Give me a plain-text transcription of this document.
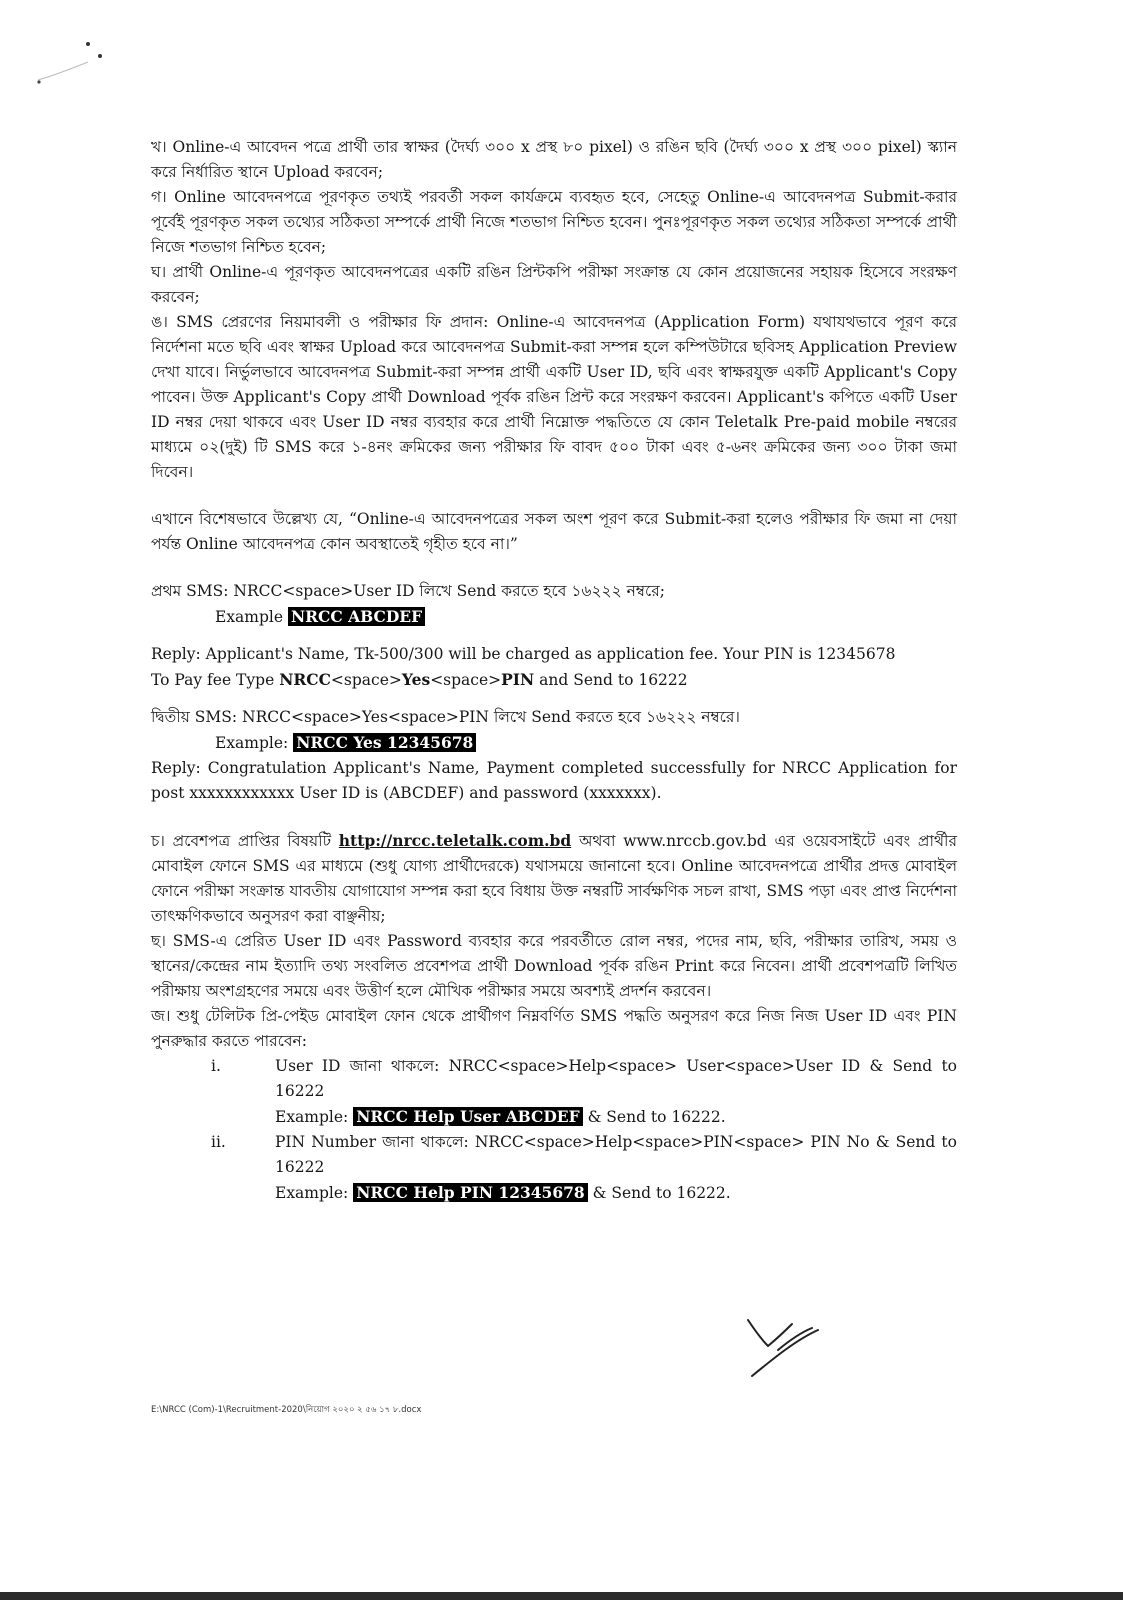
খ। Online-এ আবেদন পত্রে প্রার্থী তার স্বাক্ষর (দৈর্ঘ্য ৩০০ x প্রস্থ ৮০ pixel) ও রঙিন ছবি (দৈর্ঘ্য ৩০০ x প্রস্থ ৩০০ pixel) স্ক্যান করে নির্ধারিত স্থানে Upload করবেন;

গ। Online আবেদনপত্রে পূরণকৃত তথ্যই পরবর্তী সকল কার্যক্রমে ব্যবহৃত হবে, সেহেতু Online-এ আবেদনপত্র Submit-করার পূর্বেই পূরণকৃত সকল তথ্যের সঠিকতা সম্পর্কে প্রার্থী নিজে শতভাগ নিশ্চিত হবেন। পুনঃপূরণকৃত সকল তথ্যের সঠিকতা সম্পর্কে প্রার্থী নিজে শতভাগ নিশ্চিত হবেন;

ঘ। প্রার্থী Online-এ পূরণকৃত আবেদনপত্রের একটি রঙিন প্রিন্টকপি পরীক্ষা সংক্রান্ত যে কোন প্রয়োজনের সহায়ক হিসেবে সংরক্ষণ করবেন;

ঙ। SMS প্রেরণের নিয়মাবলী ও পরীক্ষার ফি প্রদান: Online-এ আবেদনপত্র (Application Form) যথাযথভাবে পূরণ করে নির্দেশনা মতে ছবি এবং স্বাক্ষর Upload করে আবেদনপত্র Submit-করা সম্পন্ন হলে কম্পিউটারে ছবিসহ Application Preview দেখা যাবে। নির্ভুলভাবে আবেদনপত্র Submit-করা সম্পন্ন প্রার্থী একটি User ID, ছবি এবং স্বাক্ষরযুক্ত একটি Applicant's Copy পাবেন। উক্ত Applicant's Copy প্রার্থী Download পূর্বক রঙিন প্রিন্ট করে সংরক্ষণ করবেন। Applicant's কপিতে একটি User ID নম্বর দেয়া থাকবে এবং User ID নম্বর ব্যবহার করে প্রার্থী নিম্নোক্ত পদ্ধতিতে যে কোন Teletalk Pre-paid mobile নম্বরের মাধ্যমে ০২(দুই) টি SMS করে ১-৪নং ক্রমিকের জন্য পরীক্ষার ফি বাবদ ৫০০ টাকা এবং ৫-৬নং ক্রমিকের জন্য ৩০০ টাকা জমা দিবেন।

এখানে বিশেষভাবে উল্লেখ্য যে, “Online-এ আবেদনপত্রের সকল অংশ পূরণ করে Submit-করা হলেও পরীক্ষার ফি জমা না দেয়া পর্যন্ত Online আবেদনপত্র কোন অবস্থাতেই গৃহীত হবে না।”

প্রথম SMS: NRCC<space>User ID লিখে Send করতে হবে ১৬২২২ নম্বরে;

Example NRCC ABCDEF

Reply: Applicant's Name, Tk-500/300 will be charged as application fee. Your PIN is 12345678

To Pay fee Type NRCC<space>Yes<space>PIN and Send to 16222

দ্বিতীয় SMS: NRCC<space>Yes<space>PIN লিখে Send করতে হবে ১৬২২২ নম্বরে।

Example: NRCC Yes 12345678

Reply: Congratulation Applicant's Name, Payment completed successfully for NRCC Application for post xxxxxxxxxxxx User ID is (ABCDEF) and password (xxxxxxx).

চ। প্রবেশপত্র প্রাপ্তির বিষয়টি http://nrcc.teletalk.com.bd অথবা www.nrccb.gov.bd এর ওয়েবসাইটে এবং প্রার্থীর মোবাইল ফোনে SMS এর মাধ্যমে (শুধু যোগ্য প্রার্থীদেরকে) যথাসময়ে জানানো হবে। Online আবেদনপত্রে প্রার্থীর প্রদত্ত মোবাইল ফোনে পরীক্ষা সংক্রান্ত যাবতীয় যোগাযোগ সম্পন্ন করা হবে বিধায় উক্ত নম্বরটি সার্বক্ষণিক সচল রাখা, SMS পড়া এবং প্রাপ্ত নির্দেশনা তাৎক্ষণিকভাবে অনুসরণ করা বাঞ্ছনীয়;

ছ। SMS-এ প্রেরিত User ID এবং Password ব্যবহার করে পরবর্তীতে রোল নম্বর, পদের নাম, ছবি, পরীক্ষার তারিখ, সময় ও স্থানের/কেন্দ্রের নাম ইত্যাদি তথ্য সংবলিত প্রবেশপত্র প্রার্থী Download পূর্বক রঙিন Print করে নিবেন। প্রার্থী প্রবেশপত্রটি লিখিত পরীক্ষায় অংশগ্রহণের সময়ে এবং উত্তীর্ণ হলে মৌখিক পরীক্ষার সময়ে অবশ্যই প্রদর্শন করবেন।

জ। শুধু টেলিটক প্রি-পেইড মোবাইল ফোন থেকে প্রার্থীগণ নিম্নবর্ণিত SMS পদ্ধতি অনুসরণ করে নিজ নিজ User ID এবং PIN পুনরুদ্ধার করতে পারবেন:

i.	User ID জানা থাকলে: NRCC<space>Help<space> User<space>User ID & Send to 16222

Example: NRCC Help User ABCDEF & Send to 16222.

ii.	PIN Number জানা থাকলে: NRCC<space>Help<space>PIN<space> PIN No & Send to 16222

Example: NRCC Help PIN 12345678 & Send to 16222.

E:\NRCC (Com)-1\Recruitment-2020\নিয়োগ ২০২০ ২ ৫৬ ১৭ ৮.docx
